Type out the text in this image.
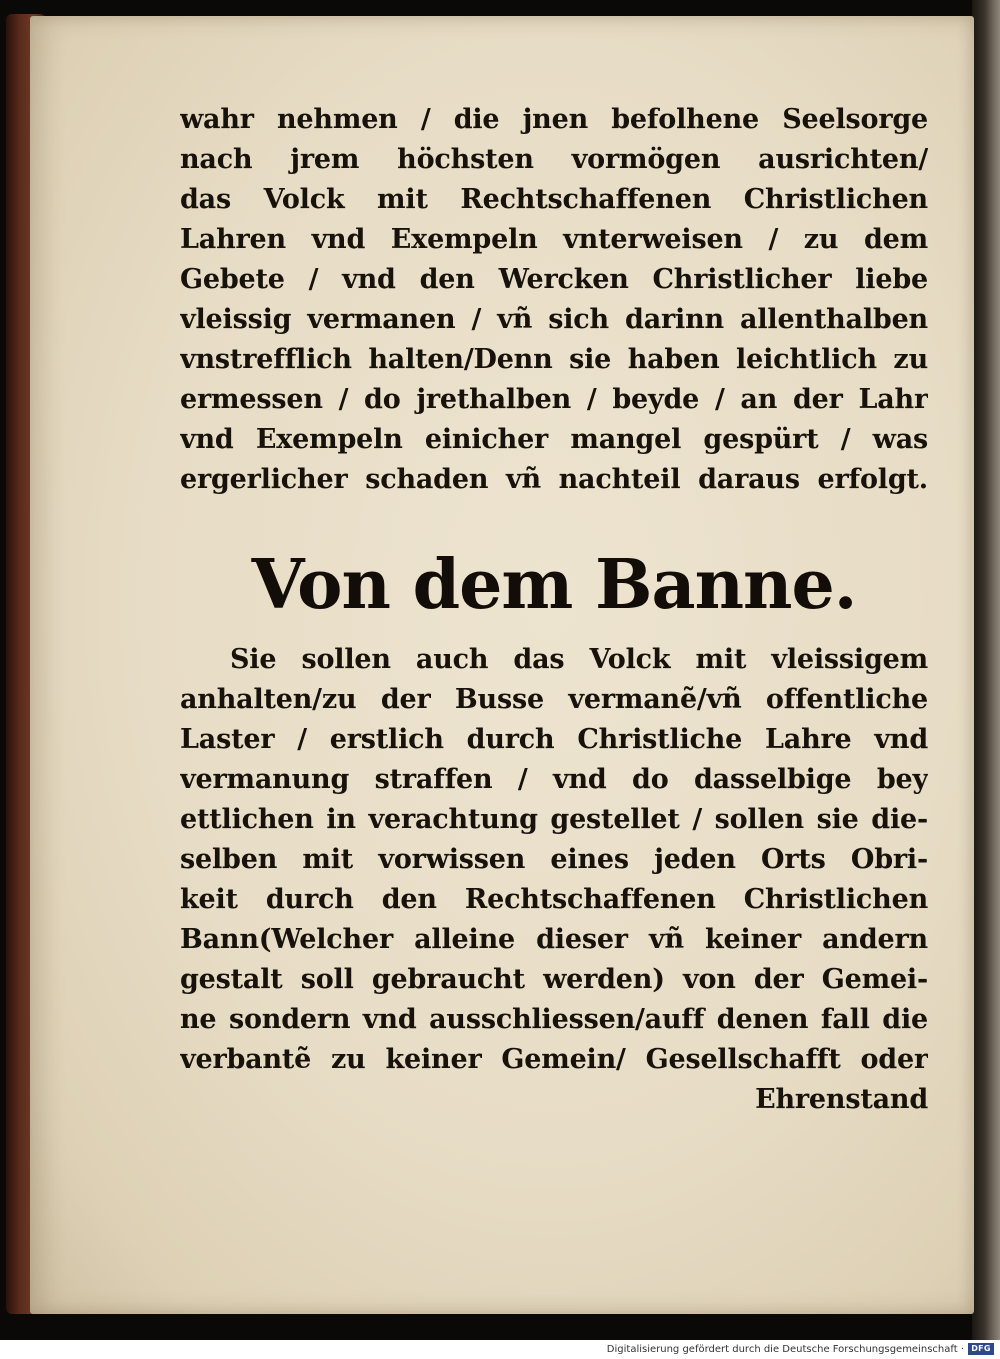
wahr nehmen / die jnen befolhene Seelsorge
nach jrem höchsten vormögen ausrichten/
das Volck mit Rechtschaffenen Christlichen
Lahren vnd Exempeln vnterweisen / zu dem
Gebete / vnd den Wercken Christlicher liebe
vleissig vermanen / vñ sich darinn allenthalben
vnstrefflich halten/Denn sie haben leichtlich zu
ermessen / do jrethalben / beyde / an der Lahr
vnd Exempeln einicher mangel gespürt / was
ergerlicher schaden vñ nachteil daraus erfolgt.
Von dem Banne.
Sie sollen auch das Volck mit vleissigem
anhalten/zu der Busse vermanẽ/vñ offentliche
Laster / erstlich durch Christliche Lahre vnd
vermanung straffen / vnd do dasselbige bey
ettlichen in verachtung gestellet / sollen sie die-
selben mit vorwissen eines jeden Orts Obri-
keit durch den Rechtschaffenen Christlichen
Bann(Welcher alleine dieser vñ keiner andern
gestalt soll gebraucht werden) von der Gemei-
ne sondern vnd ausschliessen/auff denen fall die
verbantẽ zu keiner Gemein/ Gesellschafft oder
Ehrenstand
Digitalisierung gefördert durch die Deutsche Forschungsgemeinschaft · DFG
